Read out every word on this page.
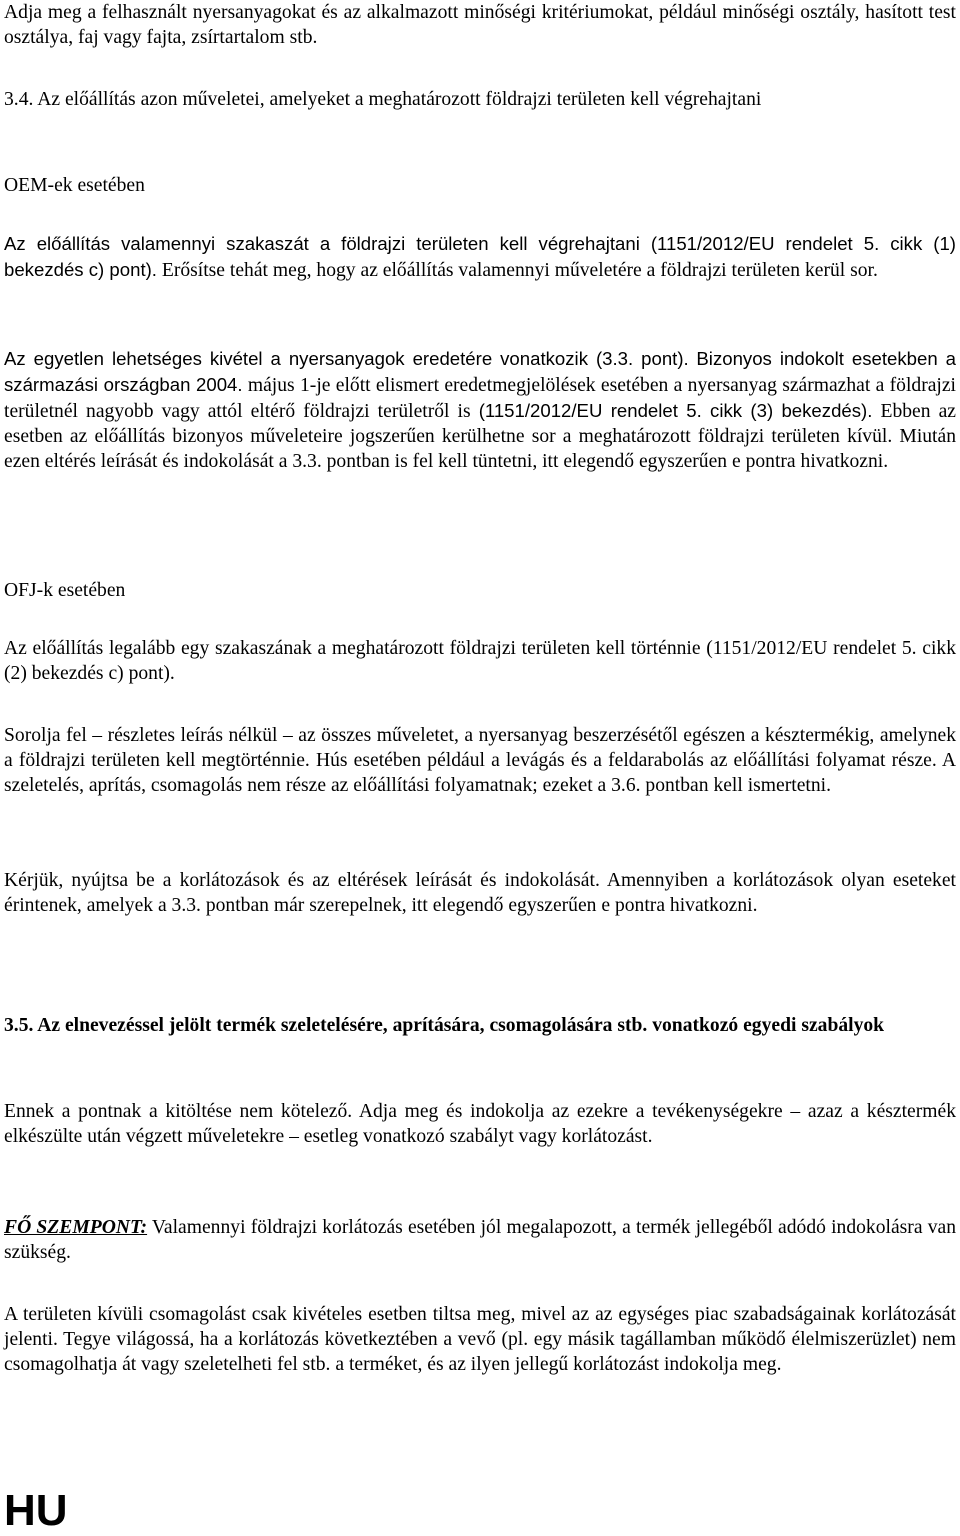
Adja meg a felhasznált nyersanyagokat és az alkalmazott minőségi kritériumokat, például minőségi osztály, hasított test osztálya, faj vagy fajta, zsírtartalom stb.

3.4. Az előállítás azon műveletei, amelyeket a meghatározott földrajzi területen kell végrehajtani

OEM-ek esetében

Az előállítás valamennyi szakaszát a földrajzi területen kell végrehajtani (1151/2012/EU rendelet 5. cikk (1) bekezdés c) pont). Erősítse tehát meg, hogy az előállítás valamennyi műveletére a földrajzi területen kerül sor.

Az egyetlen lehetséges kivétel a nyersanyagok eredetére vonatkozik (3.3. pont). Bizonyos indokolt esetekben a származási országban 2004. május 1-je előtt elismert eredetmegjelölések esetében a nyersanyag származhat a földrajzi területnél nagyobb vagy attól eltérő földrajzi területről is (1151/2012/EU rendelet 5. cikk (3) bekezdés). Ebben az esetben az előállítás bizonyos műveleteire jogszerűen kerülhetne sor a meghatározott földrajzi területen kívül. Miután ezen eltérés leírását és indokolását a 3.3. pontban is fel kell tüntetni, itt elegendő egyszerűen e pontra hivatkozni.

OFJ-k esetében

Az előállítás legalább egy szakaszának a meghatározott földrajzi területen kell történnie (1151/2012/EU rendelet 5. cikk (2) bekezdés c) pont).

Sorolja fel ‒ részletes leírás nélkül ‒ az összes műveletet, a nyersanyag beszerzésétől egészen a késztermékig, amelynek a földrajzi területen kell megtörténnie. Hús esetében például a levágás és a feldarabolás az előállítási folyamat része. A szeletelés, aprítás, csomagolás nem része az előállítási folyamatnak; ezeket a 3.6. pontban kell ismertetni.

Kérjük, nyújtsa be a korlátozások és az eltérések leírását és indokolását. Amennyiben a korlátozások olyan eseteket érintenek, amelyek a 3.3. pontban már szerepelnek, itt elegendő egyszerűen e pontra hivatkozni.

3.5. Az elnevezéssel jelölt termék szeletelésére, aprítására, csomagolására stb. vonatkozó egyedi szabályok

Ennek a pontnak a kitöltése nem kötelező. Adja meg és indokolja az ezekre a tevékenységekre ‒ azaz a késztermék elkészülte után végzett műveletekre ‒ esetleg vonatkozó szabályt vagy korlátozást.

FŐ SZEMPONT: Valamennyi földrajzi korlátozás esetében jól megalapozott, a termék jellegéből adódó indokolásra van szükség.

A területen kívüli csomagolást csak kivételes esetben tiltsa meg, mivel az az egységes piac szabadságainak korlátozását jelenti. Tegye világossá, ha a korlátozás következtében a vevő (pl. egy másik tagállamban működő élelmiszerüzlet) nem csomagolhatja át vagy szeletelheti fel stb. a terméket, és az ilyen jellegű korlátozást indokolja meg.

HU
